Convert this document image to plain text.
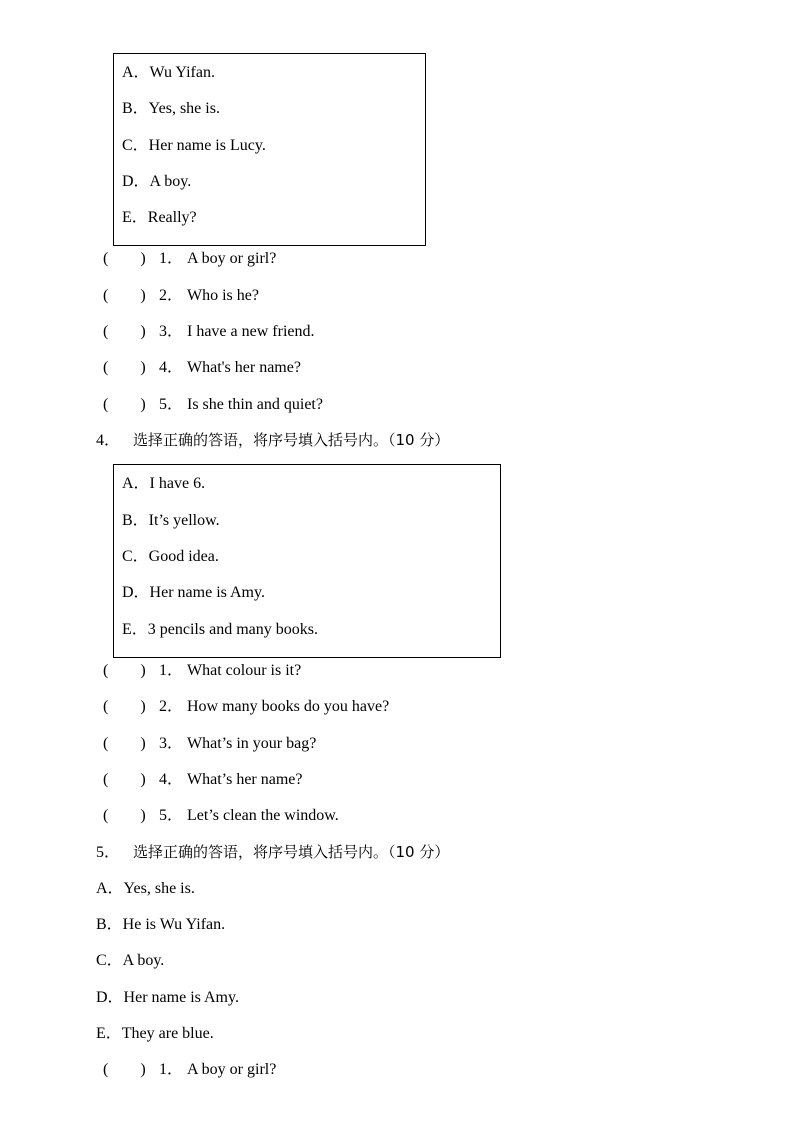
A．Wu Yifan.
B．Yes, she is.
C．Her name is Lucy.
D．A boy.
E．Really?
(　　) 1． A boy or girl?
(　　) 2． Who is he?
(　　) 3． I have a new friend.
(　　) 4． What's her name?
(　　) 5． Is she thin and quiet?
4． 选择正确的答语，将序号填入括号内。（10 分）
A．I have 6.
B．It’s yellow.
C．Good idea.
D．Her name is Amy.
E．3 pencils and many books.
(　　) 1． What colour is it?
(　　) 2． How many books do you have?
(　　) 3． What’s in your bag?
(　　) 4． What’s her name?
(　　) 5． Let’s clean the window.
5． 选择正确的答语，将序号填入括号内。（10 分）
A．Yes, she is.
B．He is Wu Yifan.
C．A boy.
D．Her name is Amy.
E．They are blue.
(　　) 1． A boy or girl?
